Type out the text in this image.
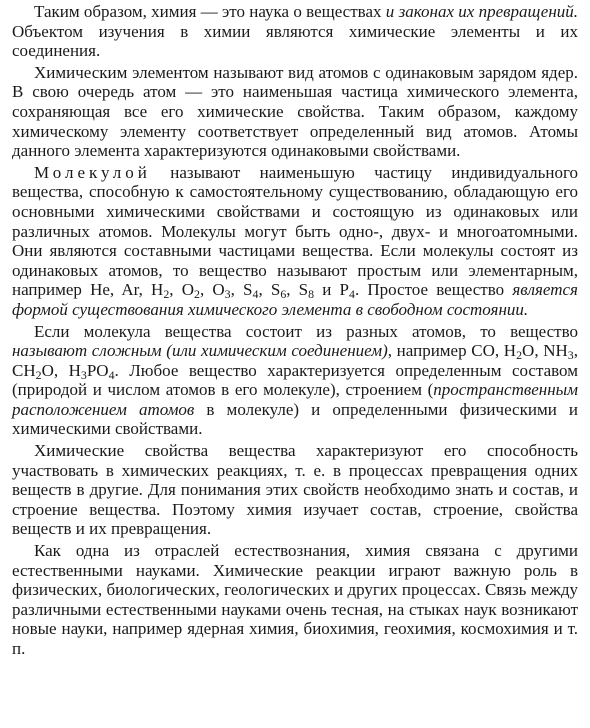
Таким образом, химия — это наука о веществах и законах их превращений. Объектом изучения в химии являются химические элементы и их соединения.

Химическим элементом называют вид атомов с одинаковым зарядом ядер. В свою очередь атом — это наименьшая частица химического элемента, сохраняющая все его химические свойства. Таким образом, каждому химическому элементу соответствует определенный вид атомов. Атомы данного элемента характеризуются одинаковыми свойствами.

Молекулой называют наименьшую частицу индивидуального вещества, способную к самостоятельному существованию, обладающую его основными химическими свойствами и состоящую из одинаковых или различных атомов. Молекулы могут быть одно-, двух- и многоатомными. Они являются составными частицами вещества. Если молекулы состоят из одинаковых атомов, то вещество называют простым или элементарным, например He, Ar, $H_2$, $O_2$, $O_3$, $S_4$, $S_6$, $S_8$ и $P_4$. Простое вещество является формой существования химического элемента в свободном состоянии.

Если молекула вещества состоит из разных атомов, то вещество называют сложным (или химическим соединением), например CO, $H_2O$, $NH_3$, $CH_2O$, $H_3PO_4$. Любое вещество характеризуется определенным составом (природой и числом атомов в его молекуле), строением (пространственным расположением атомов в молекуле) и определенными физическими и химическими свойствами.

Химические свойства вещества характеризуют его способность участвовать в химических реакциях, т. е. в процессах превращения одних веществ в другие. Для понимания этих свойств необходимо знать и состав, и строение вещества. Поэтому химия изучает состав, строение, свойства веществ и их превращения.

Как одна из отраслей естествознания, химия связана с другими естественными науками. Химические реакции играют важную роль в физических, биологических, геологических и других процессах. Связь между различными естественными науками очень тесная, на стыках наук возникают новые науки, например ядерная химия, биохимия, геохимия, космохимия и т. п.
